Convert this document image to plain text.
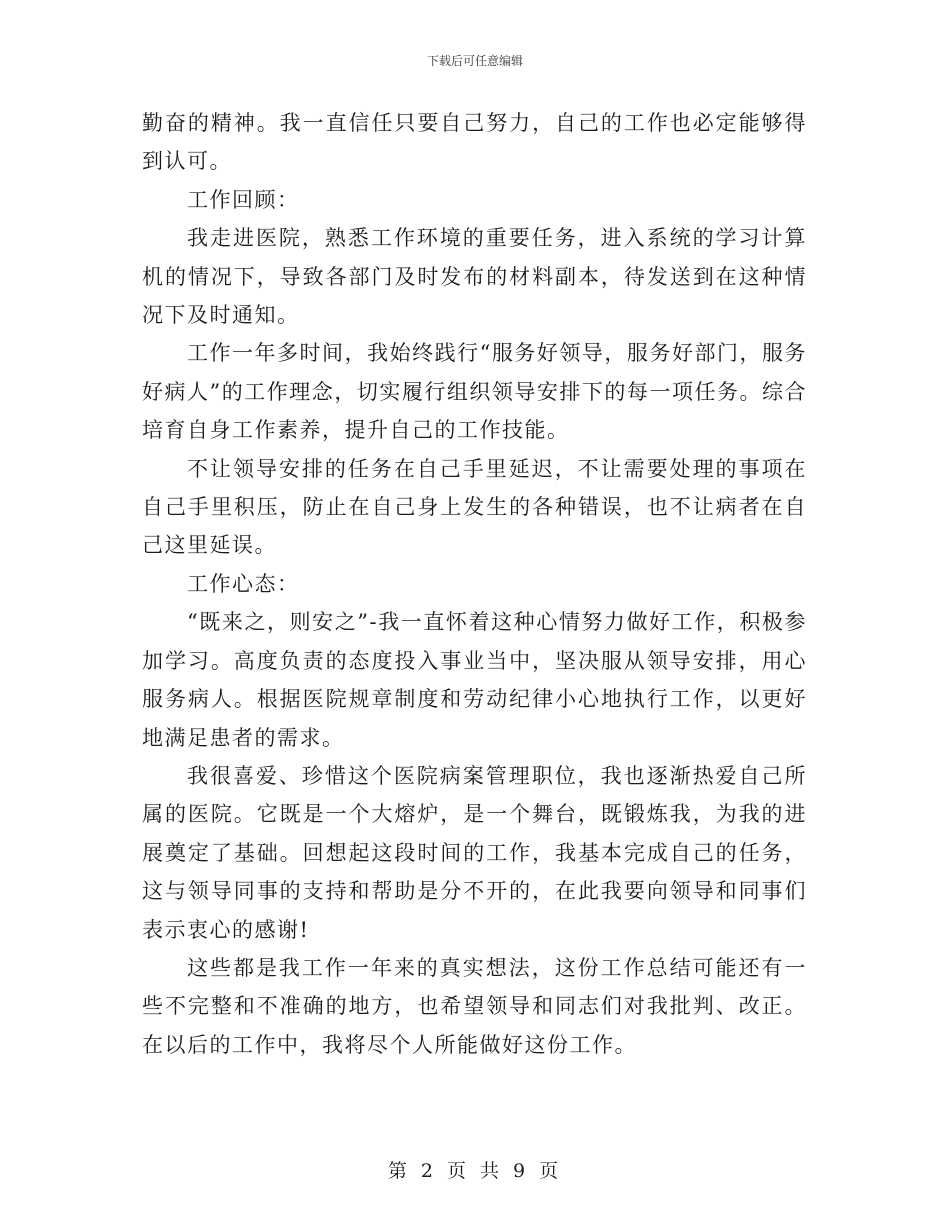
下载后可任意编辑

勤奋的精神。我一直信任只要自己努力，自己的工作也必定能够得到认可。

工作回顾：

我走进医院，熟悉工作环境的重要任务，进入系统的学习计算机的情况下，导致各部门及时发布的材料副本，待发送到在这种情况下及时通知。

工作一年多时间，我始终践行“服务好领导，服务好部门，服务好病人”的工作理念，切实履行组织领导安排下的每一项任务。综合培育自身工作素养，提升自己的工作技能。

不让领导安排的任务在自己手里延迟，不让需要处理的事项在自己手里积压，防止在自己身上发生的各种错误，也不让病者在自己这里延误。

工作心态：

“既来之，则安之”-我一直怀着这种心情努力做好工作，积极参加学习。高度负责的态度投入事业当中，坚决服从领导安排，用心服务病人。根据医院规章制度和劳动纪律小心地执行工作，以更好地满足患者的需求。

我很喜爱、珍惜这个医院病案管理职位，我也逐渐热爱自己所属的医院。它既是一个大熔炉，是一个舞台，既锻炼我，为我的进展奠定了基础。回想起这段时间的工作，我基本完成自己的任务，这与领导同事的支持和帮助是分不开的，在此我要向领导和同事们表示衷心的感谢!

这些都是我工作一年来的真实想法，这份工作总结可能还有一些不完整和不准确的地方，也希望领导和同志们对我批判、改正。在以后的工作中，我将尽个人所能做好这份工作。

第 2 页 共 9 页
